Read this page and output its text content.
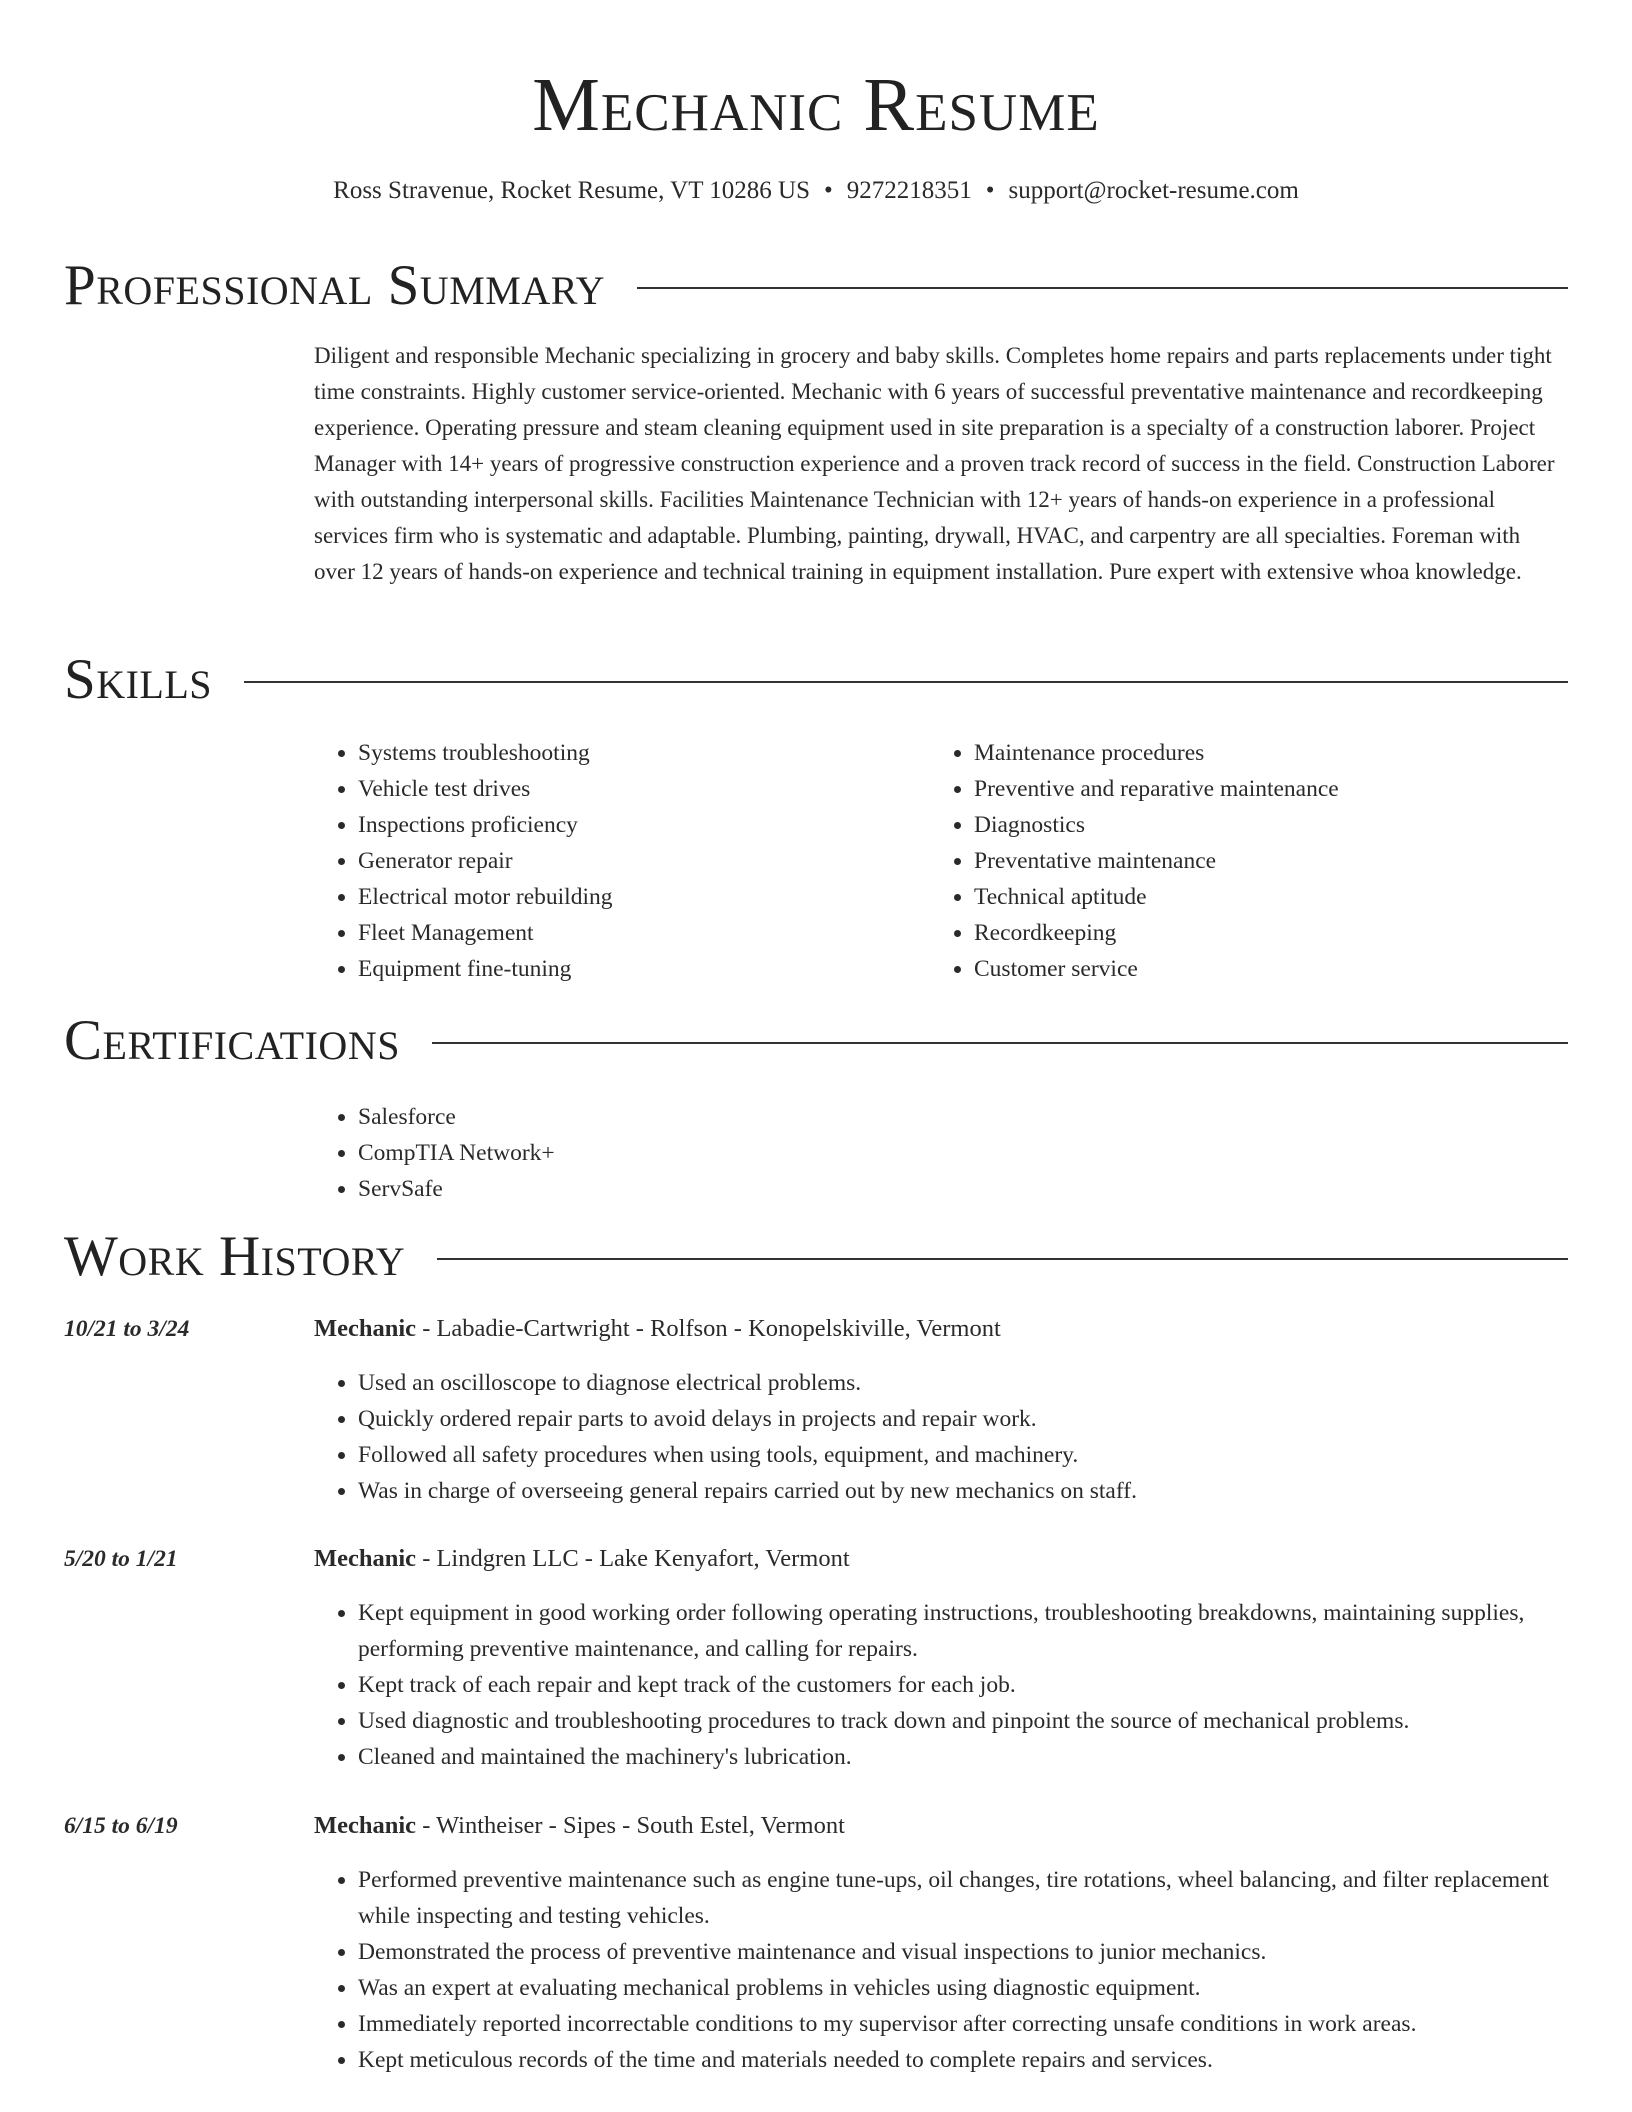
Mechanic Resume
Ross Stravenue, Rocket Resume, VT 10286 US • 9272218351 • support@rocket-resume.com
Professional Summary

Diligent and responsible Mechanic specializing in grocery and baby skills. Completes home repairs and parts replacements under tight time constraints. Highly customer service-oriented. Mechanic with 6 years of successful preventative maintenance and recordkeeping experience. Operating pressure and steam cleaning equipment used in site preparation is a specialty of a construction laborer. Project Manager with 14+ years of progressive construction experience and a proven track record of success in the field. Construction Laborer with outstanding interpersonal skills. Facilities Maintenance Technician with 12+ years of hands-on experience in a professional services firm who is systematic and adaptable. Plumbing, painting, drywall, HVAC, and carpentry are all specialties. Foreman with over 12 years of hands-on experience and technical training in equipment installation. Pure expert with extensive whoa knowledge.

Skills
• Systems troubleshooting
• Vehicle test drives
• Inspections proficiency
• Generator repair
• Electrical motor rebuilding
• Fleet Management
• Equipment fine-tuning
• Maintenance procedures
• Preventive and reparative maintenance
• Diagnostics
• Preventative maintenance
• Technical aptitude
• Recordkeeping
• Customer service
Certifications
• Salesforce
• CompTIA Network+
• ServSafe
Work History
10/21 to 3/24	Mechanic - Labadie-Cartwright - Rolfson - Konopelskiville, Vermont
• Used an oscilloscope to diagnose electrical problems.
• Quickly ordered repair parts to avoid delays in projects and repair work.
• Followed all safety procedures when using tools, equipment, and machinery.
• Was in charge of overseeing general repairs carried out by new mechanics on staff.
5/20 to 1/21	Mechanic - Lindgren LLC - Lake Kenyafort, Vermont
• Kept equipment in good working order following operating instructions, troubleshooting breakdowns, maintaining supplies, performing preventive maintenance, and calling for repairs.
• Kept track of each repair and kept track of the customers for each job.
• Used diagnostic and troubleshooting procedures to track down and pinpoint the source of mechanical problems.
• Cleaned and maintained the machinery's lubrication.
6/15 to 6/19	Mechanic - Wintheiser - Sipes - South Estel, Vermont
• Performed preventive maintenance such as engine tune-ups, oil changes, tire rotations, wheel balancing, and filter replacement while inspecting and testing vehicles.
• Demonstrated the process of preventive maintenance and visual inspections to junior mechanics.
• Was an expert at evaluating mechanical problems in vehicles using diagnostic equipment.
• Immediately reported incorrectable conditions to my supervisor after correcting unsafe conditions in work areas.
• Kept meticulous records of the time and materials needed to complete repairs and services.
